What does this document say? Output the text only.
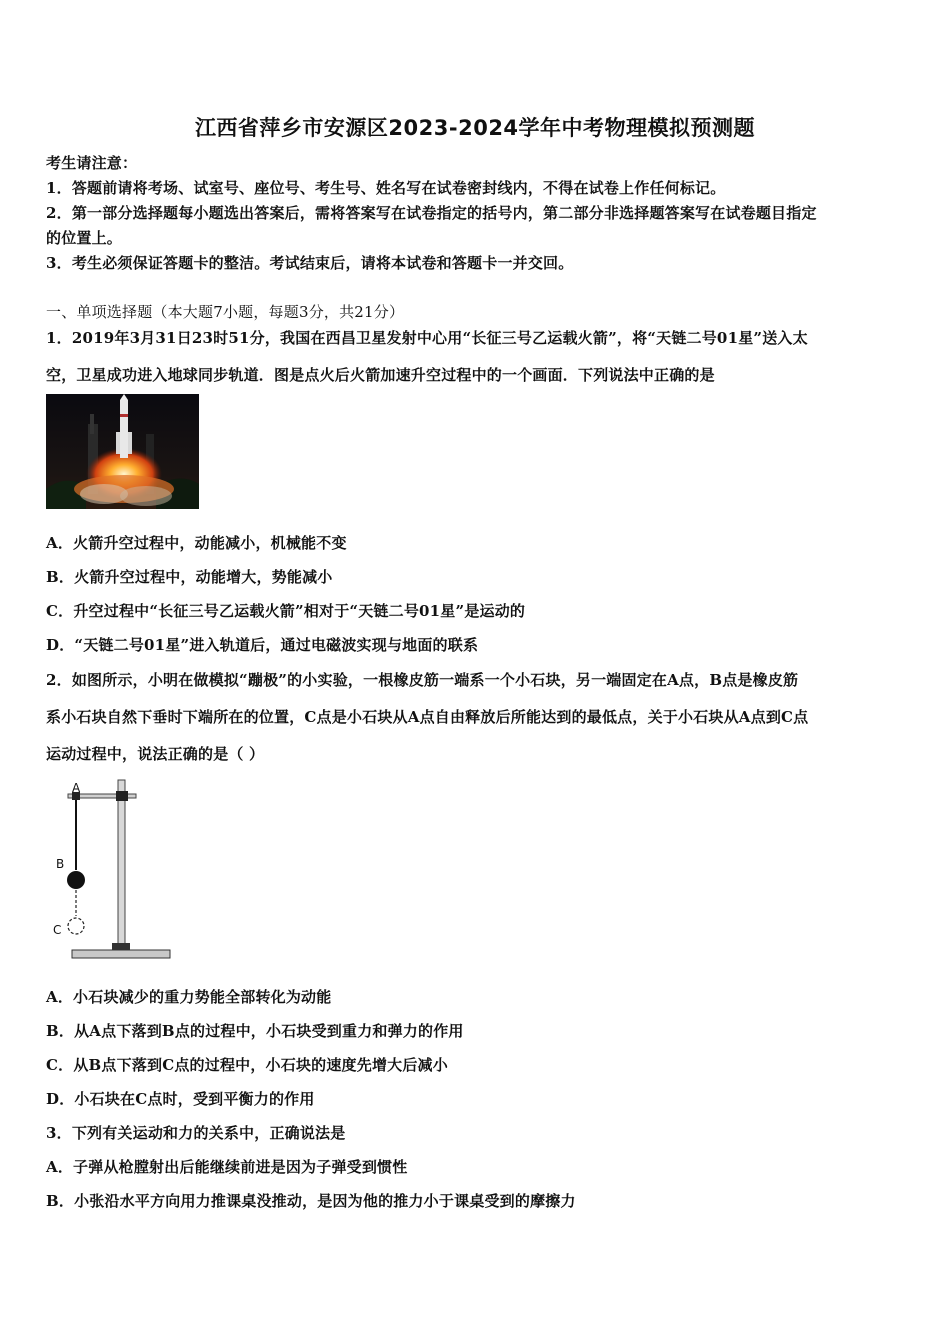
江西省萍乡市安源区2023-2024学年中考物理模拟预测题
考生请注意：
1．答题前请将考场、试室号、座位号、考生号、姓名写在试卷密封线内，不得在试卷上作任何标记。
2．第一部分选择题每小题选出答案后，需将答案写在试卷指定的括号内，第二部分非选择题答案写在试卷题目指定
的位置上。
3．考生必须保证答题卡的整洁。考试结束后，请将本试卷和答题卡一并交回。
一、单项选择题（本大题7小题，每题3分，共21分）
1．2019年3月31日23时51分，我国在西昌卫星发射中心用“长征三号乙运载火箭”，将“天链二号01星”送入太
空，卫星成功进入地球同步轨道．图是点火后火箭加速升空过程中的一个画面．下列说法中正确的是
A．火箭升空过程中，动能减小，机械能不变
B．火箭升空过程中，动能增大，势能减小
C．升空过程中“长征三号乙运载火箭”相对于“天链二号01星”是运动的
D．“天链二号01星”进入轨道后，通过电磁波实现与地面的联系
2．如图所示，小明在做模拟“蹦极”的小实验，一根橡皮筋一端系一个小石块，另一端固定在A点，B点是橡皮筋
系小石块自然下垂时下端所在的位置，C点是小石块从A点自由释放后所能达到的最低点，关于小石块从A点到C点
运动过程中，说法正确的是（ ）
A
B
C
A．小石块减少的重力势能全部转化为动能
B．从A点下落到B点的过程中，小石块受到重力和弹力的作用
C．从B点下落到C点的过程中，小石块的速度先增大后减小
D．小石块在C点时，受到平衡力的作用
3．下列有关运动和力的关系中，正确说法是
A．子弹从枪膛射出后能继续前进是因为子弹受到惯性
B．小张沿水平方向用力推课桌没推动，是因为他的推力小于课桌受到的摩擦力
